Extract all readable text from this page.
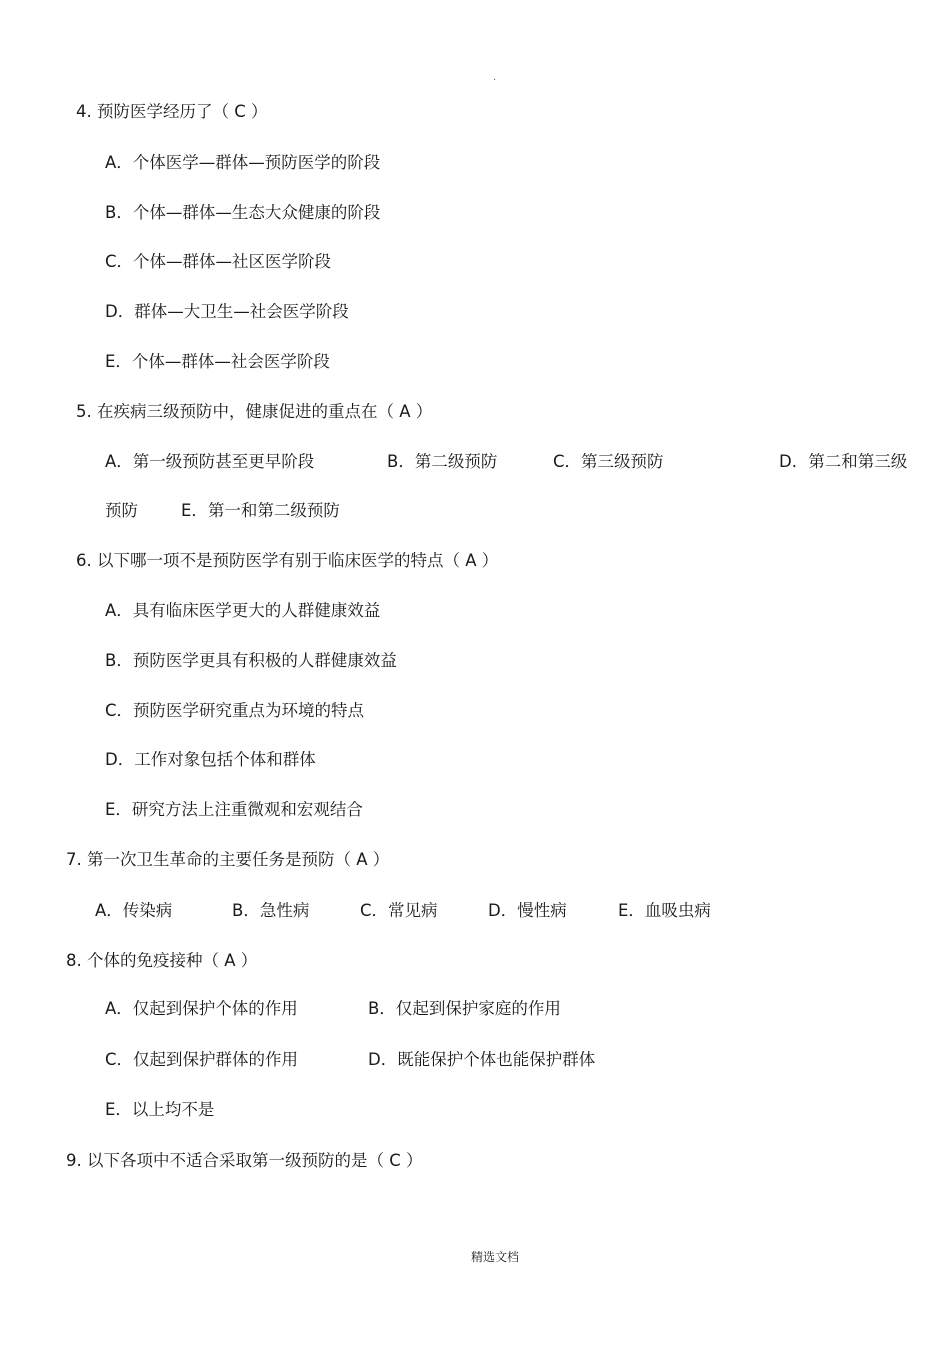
.
4. 预防医学经历了（ C ）
A．个体医学—群体—预防医学的阶段
B．个体—群体—生态大众健康的阶段
C．个体—群体—社区医学阶段
D．群体—大卫生—社会医学阶段
E．个体—群体—社会医学阶段
5. 在疾病三级预防中，健康促进的重点在（ A ）
A．第一级预防甚至更早阶段	B．第二级预防	C．第三级预防	D．第二和第三级
预防	E．第一和第二级预防
6. 以下哪一项不是预防医学有别于临床医学的特点（ A ）
A．具有临床医学更大的人群健康效益
B．预防医学更具有积极的人群健康效益
C．预防医学研究重点为环境的特点
D．工作对象包括个体和群体
E．研究方法上注重微观和宏观结合
7. 第一次卫生革命的主要任务是预防（ A ）
A．传染病	B．急性病	C．常见病	D．慢性病	E．血吸虫病
8. 个体的免疫接种（ A ）
A．仅起到保护个体的作用	B．仅起到保护家庭的作用
C．仅起到保护群体的作用	D．既能保护个体也能保护群体
E．以上均不是
9. 以下各项中不适合采取第一级预防的是（ C ）
精选文档
